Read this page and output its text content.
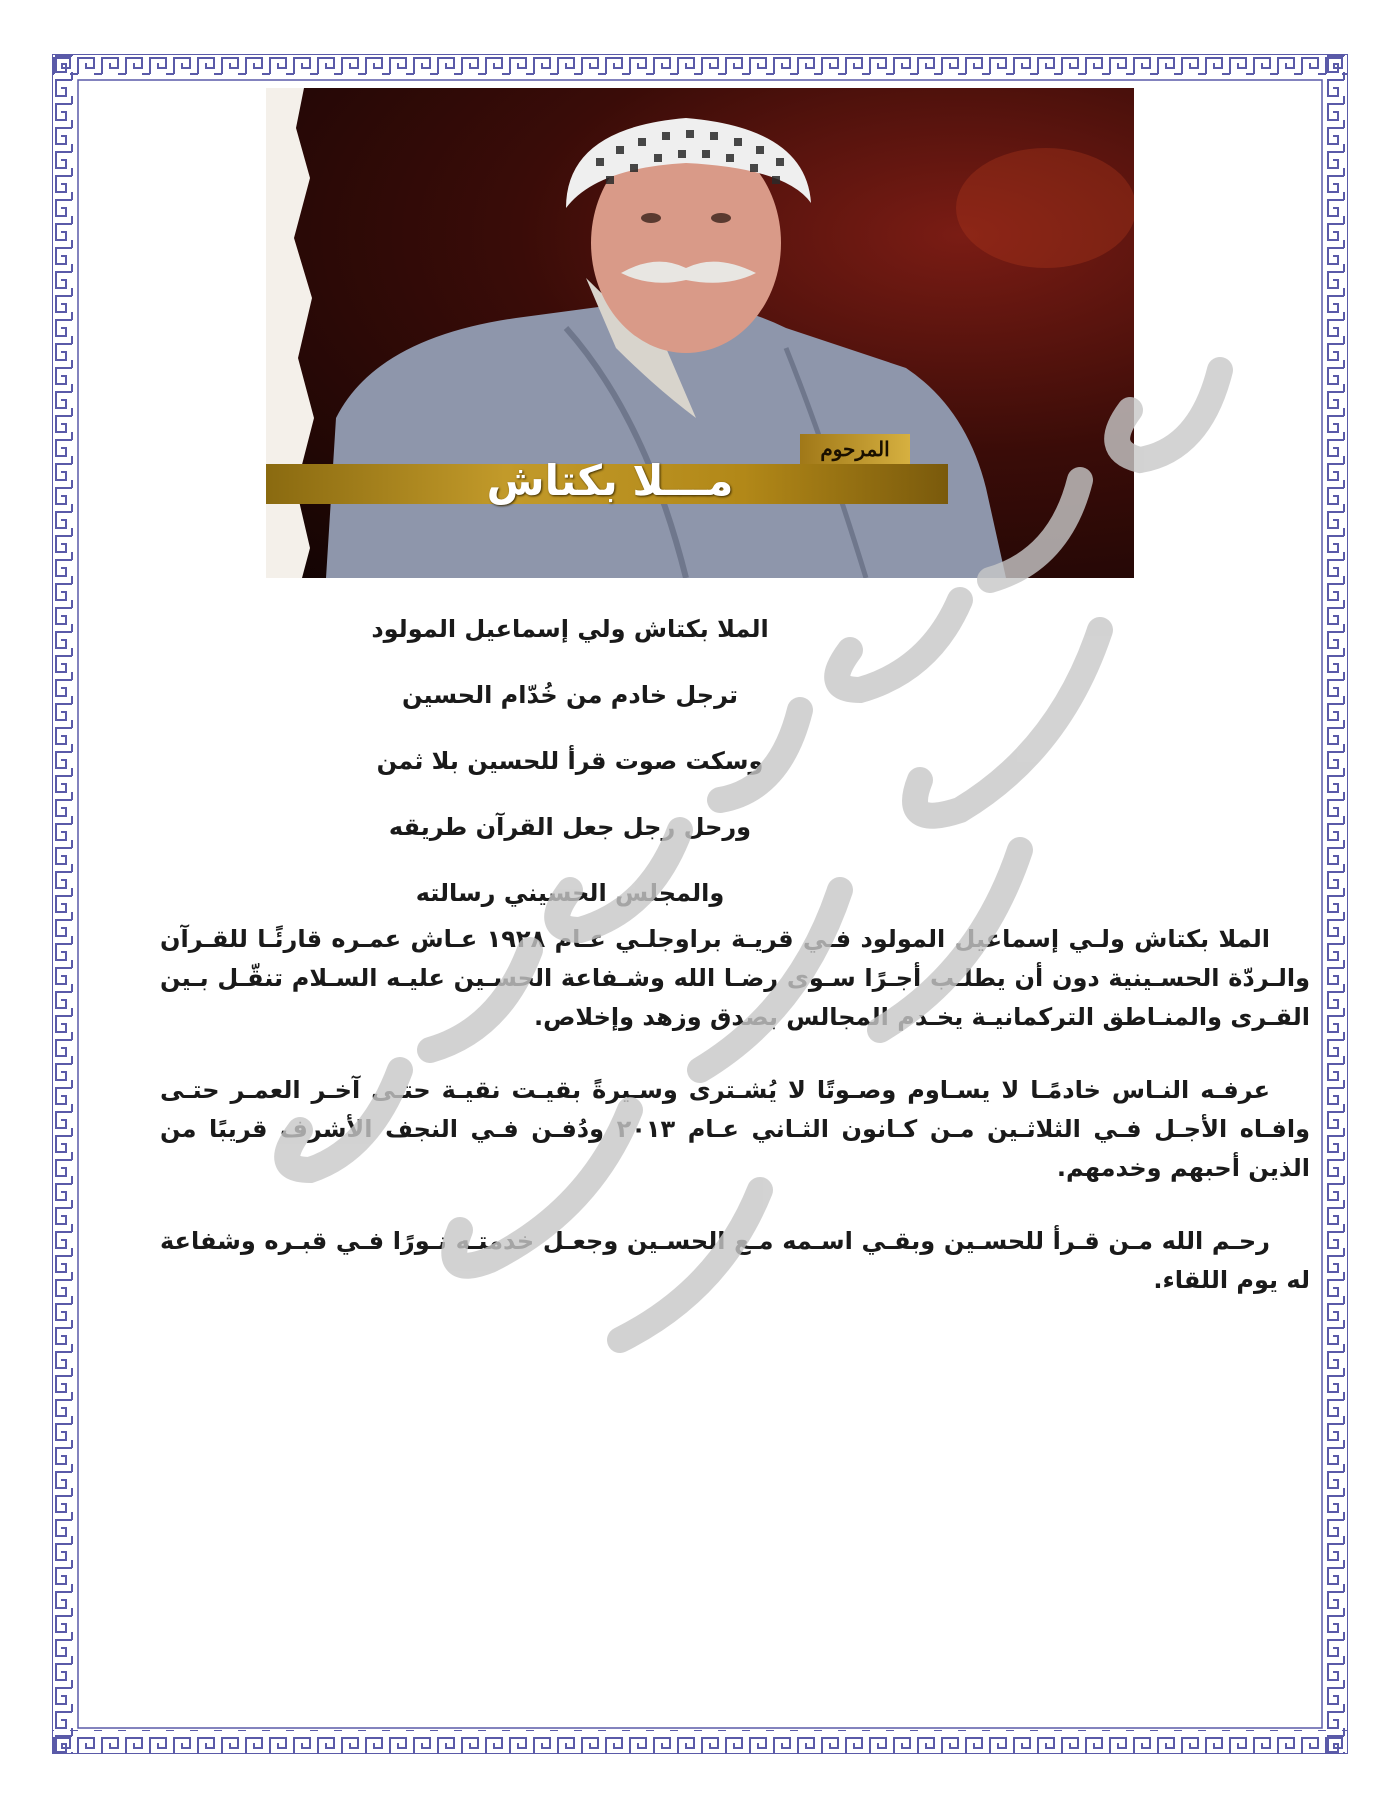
المرحوم
مـــلا بكتاش
الملا بكتاش ولي إسماعيل المولود
ترجل خادم من خُدّام الحسين
وسكت صوت قرأ للحسين بلا ثمن
ورحل رجل جعل القرآن طريقه
والمجلس الحسيني رسالته

الملا بكتاش ولـي إسماعيل المولود فـي قريـة براوجلـي عـام ١٩٢٨ عـاش عمـره قارئًـا للقـرآن والـردّة الحسـينية دون أن يطلـب أجـرًا سـوى رضـا الله وشـفاعة الحسـين عليـه السـلام تنقّـل بـين القـرى والمنـاطق التركمانيـة يخـدم المجالس بصدق وزهد وإخلاص.

عرفـه النـاس خادمًـا لا يسـاوم وصـوتًا لا يُشـترى وسـيرةً بقيـت نقيـة حتـى آخـر العمـر حتـى وافـاه الأجـل فـي الثلاثـين مـن كـانون الثـاني عـام ٢٠١٣ ودُفـن فـي النجف الأشرف قريبًا من الذين أحبهم وخدمهم.

رحـم الله مـن قـرأ للحسـين وبقـي اسـمه مـع الحسـين وجعـل خدمتـه نـورًا فـي قبـره وشفاعة له يوم اللقاء.
